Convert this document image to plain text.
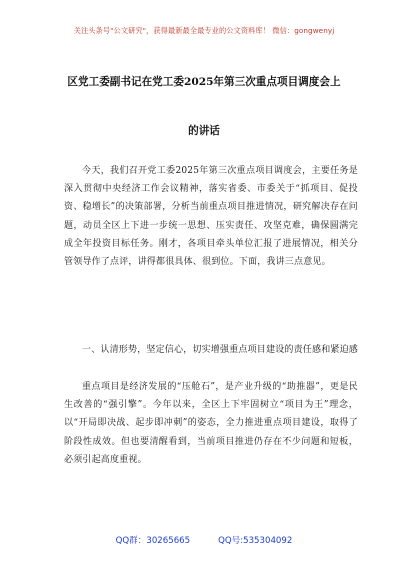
关注头条号"公文研究"，获得最新最全最专业的公文资料库！ 微信：gongwenyj
区党工委副书记在党工委2025年第三次重点项目调度会上
的讲话

今天，我们召开党工委2025年第三次重点项目调度会，主要任务是深入贯彻中央经济工作会议精神，落实省委、市委关于“抓项目、促投资、稳增长”的决策部署，分析当前重点项目推进情况，研究解决存在问题，动员全区上下进一步统一思想、压实责任、攻坚克难，确保圆满完成全年投资目标任务。刚才，各项目牵头单位汇报了进展情况，相关分管领导作了点评，讲得都很具体、很到位。下面，我讲三点意见。

一、认清形势，坚定信心，切实增强重点项目建设的责任感和紧迫感

重点项目是经济发展的“压舱石”，是产业升级的“助推器”，更是民生改善的“强引擎”。今年以来，全区上下牢固树立“项目为王”理念，以“开局即决战、起步即冲刺”的姿态，全力推进重点项目建设，取得了阶段性成效。但也要清醒看到，当前项目推进仍存在不少问题和短板，必须引起高度重视。

QQ群：30265665	QQ号:535304092
